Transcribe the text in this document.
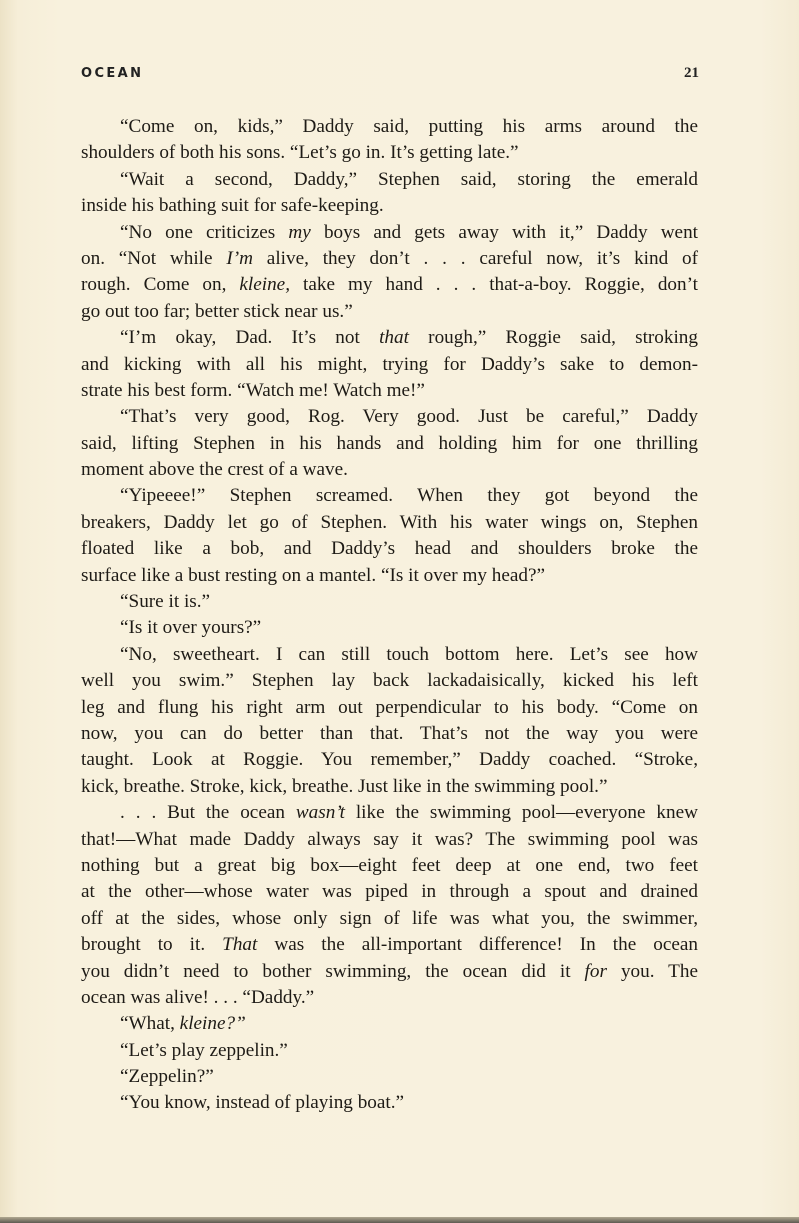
OCEAN	21
“Come on, kids,” Daddy said, putting his arms around the
shoulders of both his sons. “Let’s go in. It’s getting late.”
“Wait a second, Daddy,” Stephen said, storing the emerald
inside his bathing suit for safe-keeping.
“No one criticizes my boys and gets away with it,” Daddy went
on. “Not while I’m alive, they don’t . . . careful now, it’s kind of
rough. Come on, kleine, take my hand . . . that-a-boy. Roggie, don’t
go out too far; better stick near us.”
“I’m okay, Dad. It’s not that rough,” Roggie said, stroking
and kicking with all his might, trying for Daddy’s sake to demon-
strate his best form. “Watch me! Watch me!”
“That’s very good, Rog. Very good. Just be careful,” Daddy
said, lifting Stephen in his hands and holding him for one thrilling
moment above the crest of a wave.
“Yipeeee!” Stephen screamed. When they got beyond the
breakers, Daddy let go of Stephen. With his water wings on, Stephen
floated like a bob, and Daddy’s head and shoulders broke the
surface like a bust resting on a mantel. “Is it over my head?”
“Sure it is.”
“Is it over yours?”
“No, sweetheart. I can still touch bottom here. Let’s see how
well you swim.” Stephen lay back lackadaisically, kicked his left
leg and flung his right arm out perpendicular to his body. “Come on
now, you can do better than that. That’s not the way you were
taught. Look at Roggie. You remember,” Daddy coached. “Stroke,
kick, breathe. Stroke, kick, breathe. Just like in the swimming pool.”
. . . But the ocean wasn’t like the swimming pool—everyone knew
that!—What made Daddy always say it was? The swimming pool was
nothing but a great big box—eight feet deep at one end, two feet
at the other—whose water was piped in through a spout and drained
off at the sides, whose only sign of life was what you, the swimmer,
brought to it. That was the all-important difference! In the ocean
you didn’t need to bother swimming, the ocean did it for you. The
ocean was alive! . . . “Daddy.”
“What, kleine?”
“Let’s play zeppelin.”
“Zeppelin?”
“You know, instead of playing boat.”
